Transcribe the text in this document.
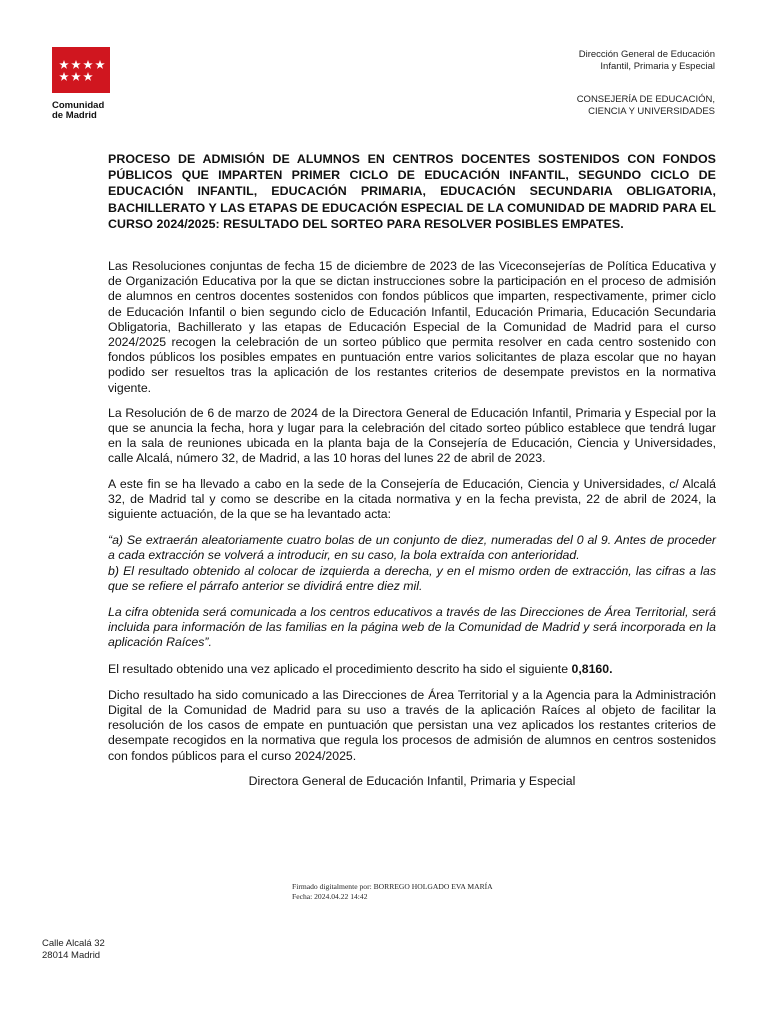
Comunidad
de Madrid
Dirección General de Educación
Infantil, Primaria y Especial
CONSEJERÍA DE EDUCACIÓN,
CIENCIA Y UNIVERSIDADES
PROCESO DE ADMISIÓN DE ALUMNOS EN CENTROS DOCENTES SOSTENIDOS CON FONDOS PÚBLICOS QUE IMPARTEN PRIMER CICLO DE EDUCACIÓN INFANTIL, SEGUNDO CICLO DE EDUCACIÓN INFANTIL, EDUCACIÓN PRIMARIA, EDUCACIÓN SECUNDARIA OBLIGATORIA, BACHILLERATO Y LAS ETAPAS DE EDUCACIÓN ESPECIAL DE LA COMUNIDAD DE MADRID PARA EL CURSO 2024/2025: RESULTADO DEL SORTEO PARA RESOLVER POSIBLES EMPATES.

Las Resoluciones conjuntas de fecha 15 de diciembre de 2023 de las Viceconsejerías de Política Educativa y de Organización Educativa por la que se dictan instrucciones sobre la participación en el proceso de admisión de alumnos en centros docentes sostenidos con fondos públicos que imparten, respectivamente, primer ciclo de Educación Infantil o bien segundo ciclo de Educación Infantil, Educación Primaria, Educación Secundaria Obligatoria, Bachillerato y las etapas de Educación Especial de la Comunidad de Madrid para el curso 2024/2025 recogen la celebración de un sorteo público que permita resolver en cada centro sostenido con fondos públicos los posibles empates en puntuación entre varios solicitantes de plaza escolar que no hayan podido ser resueltos tras la aplicación de los restantes criterios de desempate previstos en la normativa vigente.

La Resolución de 6 de marzo de 2024 de la Directora General de Educación Infantil, Primaria y Especial por la que se anuncia la fecha, hora y lugar para la celebración del citado sorteo público establece que tendrá lugar en la sala de reuniones ubicada en la planta baja de la Consejería de Educación, Ciencia y Universidades, calle Alcalá, número 32, de Madrid, a las 10 horas del lunes 22 de abril de 2023.

A este fin se ha llevado a cabo en la sede de la Consejería de Educación, Ciencia y Universidades, c/ Alcalá 32, de Madrid tal y como se describe en la citada normativa y en la fecha prevista, 22 de abril de 2024, la siguiente actuación, de la que se ha levantado acta:

“a) Se extraerán aleatoriamente cuatro bolas de un conjunto de diez, numeradas del 0 al 9. Antes de proceder a cada extracción se volverá a introducir, en su caso, la bola extraída con anterioridad.

b) El resultado obtenido al colocar de izquierda a derecha, y en el mismo orden de extracción, las cifras a las que se refiere el párrafo anterior se dividirá entre diez mil.

La cifra obtenida será comunicada a los centros educativos a través de las Direcciones de Área Territorial, será incluida para información de las familias en la página web de la Comunidad de Madrid y será incorporada en la aplicación Raíces”.

El resultado obtenido una vez aplicado el procedimiento descrito ha sido el siguiente 0,8160.

Dicho resultado ha sido comunicado a las Direcciones de Área Territorial y a la Agencia para la Administración Digital de la Comunidad de Madrid para su uso a través de la aplicación Raíces al objeto de facilitar la resolución de los casos de empate en puntuación que persistan una vez aplicados los restantes criterios de desempate recogidos en la normativa que regula los procesos de admisión de alumnos en centros sostenidos con fondos públicos para el curso 2024/2025.

Directora General de Educación Infantil, Primaria y Especial

Firmado digitalmente por: BORREGO HOLGADO EVA MARÍA
Fecha: 2024.04.22 14:42
Calle Alcalá 32
28014 Madrid
